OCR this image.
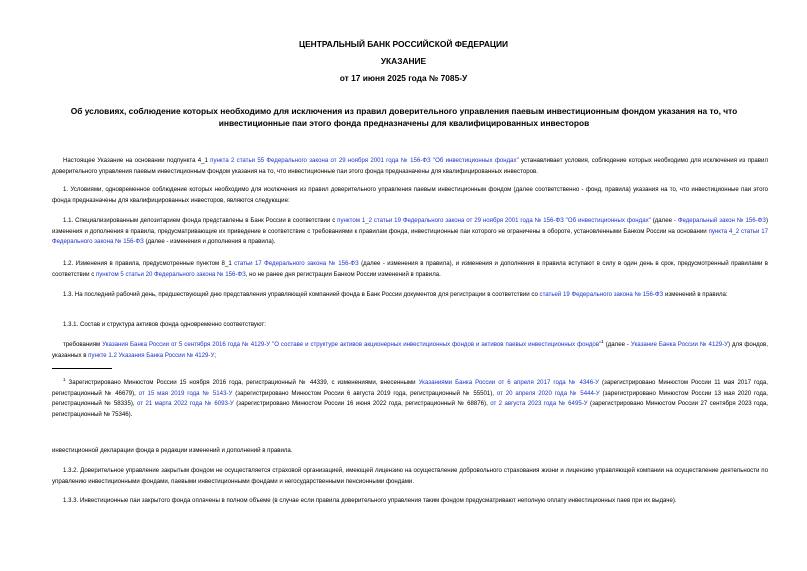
ЦЕНТРАЛЬНЫЙ БАНК РОССИЙСКОЙ ФЕДЕРАЦИИ
УКАЗАНИЕ
от 17 июня 2025 года № 7085-У
Об условиях, соблюдение которых необходимо для исключения из правил доверительного управления паевым инвестиционным фондом указания на то, что инвестиционные паи этого фонда предназначены для квалифицированных инвесторов
Настоящее Указание на основании подпункта 4_1 пункта 2 статьи 55 Федерального закона от 29 ноября 2001 года № 156-ФЗ "Об инвестиционных фондах" устанавливает условия, соблюдение которых необходимо для исключения из правил доверительного управления паевым инвестиционным фондом указания на то, что инвестиционные паи этого фонда предназначены для квалифицированных инвесторов.
1. Условиями, одновременное соблюдение которых необходимо для исключения из правил доверительного управления паевым инвестиционным фондом (далее соответственно - фонд, правила) указания на то, что инвестиционные паи этого фонда предназначены для квалифицированных инвесторов, являются следующие:
1.1. Специализированным депозитарием фонда представлены в Банк России в соответствии с пунктом 1_2 статьи 19 Федерального закона от 29 ноября 2001 года № 156-ФЗ "Об инвестиционных фондах" (далее - Федеральный закон № 156-ФЗ) изменения и дополнения в правила, предусматривающие их приведение в соответствие с требованиями к правилам фонда, инвестиционные паи которого не ограничены в обороте, установленными Банком России на основании пункта 4_2 статьи 17 Федерального закона № 156-ФЗ (далее - изменения и дополнения в правила).
1.2. Изменения в правила, предусмотренные пунктом 8_1 статьи 17 Федерального закона № 156-ФЗ (далее - изменения в правила), и изменения и дополнения в правила вступают в силу в один день в срок, предусмотренный правилами в соответствии с пунктом 5 статьи 20 Федерального закона № 156-ФЗ, но не ранее дня регистрации Банком России изменений в правила.
1.3. На последний рабочий день, предшествующий дню представления управляющей компанией фонда в Банк России документов для регистрации в соответствии со статьей 19 Федерального закона № 156-ФЗ изменений в правила:
1.3.1. Состав и структура активов фонда одновременно соответствуют:
требованиям Указания Банка России от 5 сентября 2016 года № 4129-У "О составе и структуре активов акционерных инвестиционных фондов и активов паевых инвестиционных фондов"$^1$ (далее - Указание Банка России № 4129-У) для фондов, указанных в пункте 1.2 Указания Банка России № 4129-У;
$^1$ Зарегистрировано Минюстом России 15 ноября 2016 года, регистрационный № 44339, с изменениями, внесенными Указаниями Банка России от 6 апреля 2017 года № 4346-У (зарегистрировано Минюстом России 11 мая 2017 года, регистрационный № 46679), от 15 мая 2019 года № 5143-У (зарегистрировано Минюстом России 6 августа 2019 года, регистрационный № 55501), от 20 апреля 2020 года № 5444-У (зарегистрировано Минюстом России 13 мая 2020 года, регистрационный № 58335), от 21 марта 2022 года № 6093-У (зарегистрировано Минюстом России 16 июня 2022 года, регистрационный № 68876), от 2 августа 2023 года № 6495-У (зарегистрировано Минюстом России 27 сентября 2023 года, регистрационный № 75346).
инвестиционной декларации фонда в редакции изменений и дополнений в правила.
1.3.2. Доверительное управление закрытым фондом не осуществляется страховой организацией, имеющей лицензию на осуществление добровольного страхования жизни и лицензию управляющей компании на осуществление деятельности по управлению инвестиционными фондами, паевыми инвестиционными фондами и негосударственными пенсионными фондами.
1.3.3. Инвестиционные паи закрытого фонда оплачены в полном объеме (в случае если правила доверительного управления таким фондом предусматривают неполную оплату инвестиционных паев при их выдаче).
